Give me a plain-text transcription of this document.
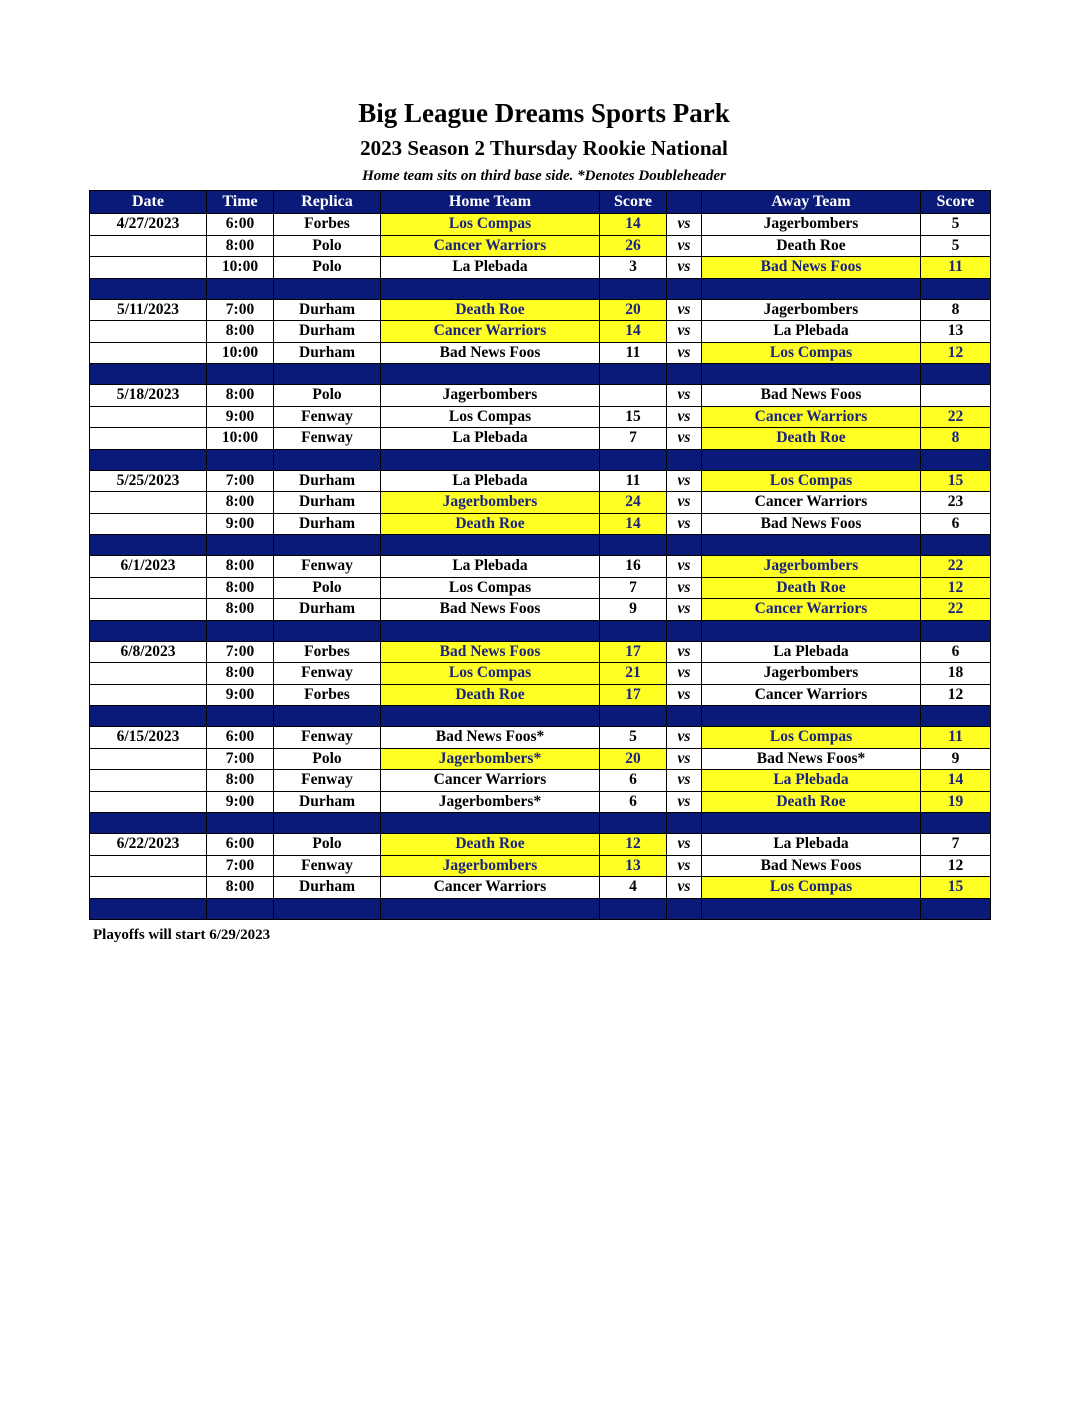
Big League Dreams Sports Park
2023 Season 2 Thursday Rookie National
Home team sits on third base side. *Denotes Doubleheader
Date	Time	Replica	Home Team	Score		Away Team	Score
4/27/2023	6:00	Forbes	Los Compas	14	vs	Jagerbombers	5
	8:00	Polo	Cancer Warriors	26	vs	Death Roe	5
	10:00	Polo	La Plebada	3	vs	Bad News Foos	11

5/11/2023	7:00	Durham	Death Roe	20	vs	Jagerbombers	8
	8:00	Durham	Cancer Warriors	14	vs	La Plebada	13
	10:00	Durham	Bad News Foos	11	vs	Los Compas	12

5/18/2023	8:00	Polo	Jagerbombers		vs	Bad News Foos	
	9:00	Fenway	Los Compas	15	vs	Cancer Warriors	22
	10:00	Fenway	La Plebada	7	vs	Death Roe	8

5/25/2023	7:00	Durham	La Plebada	11	vs	Los Compas	15
	8:00	Durham	Jagerbombers	24	vs	Cancer Warriors	23
	9:00	Durham	Death Roe	14	vs	Bad News Foos	6

6/1/2023	8:00	Fenway	La Plebada	16	vs	Jagerbombers	22
	8:00	Polo	Los Compas	7	vs	Death Roe	12
	8:00	Durham	Bad News Foos	9	vs	Cancer Warriors	22

6/8/2023	7:00	Forbes	Bad News Foos	17	vs	La Plebada	6
	8:00	Fenway	Los Compas	21	vs	Jagerbombers	18
	9:00	Forbes	Death Roe	17	vs	Cancer Warriors	12

6/15/2023	6:00	Fenway	Bad News Foos*	5	vs	Los Compas	11
	7:00	Polo	Jagerbombers*	20	vs	Bad News Foos*	9
	8:00	Fenway	Cancer Warriors	6	vs	La Plebada	14
	9:00	Durham	Jagerbombers*	6	vs	Death Roe	19

6/22/2023	6:00	Polo	Death Roe	12	vs	La Plebada	7
	7:00	Fenway	Jagerbombers	13	vs	Bad News Foos	12
	8:00	Durham	Cancer Warriors	4	vs	Los Compas	15

Playoffs will start 6/29/2023
